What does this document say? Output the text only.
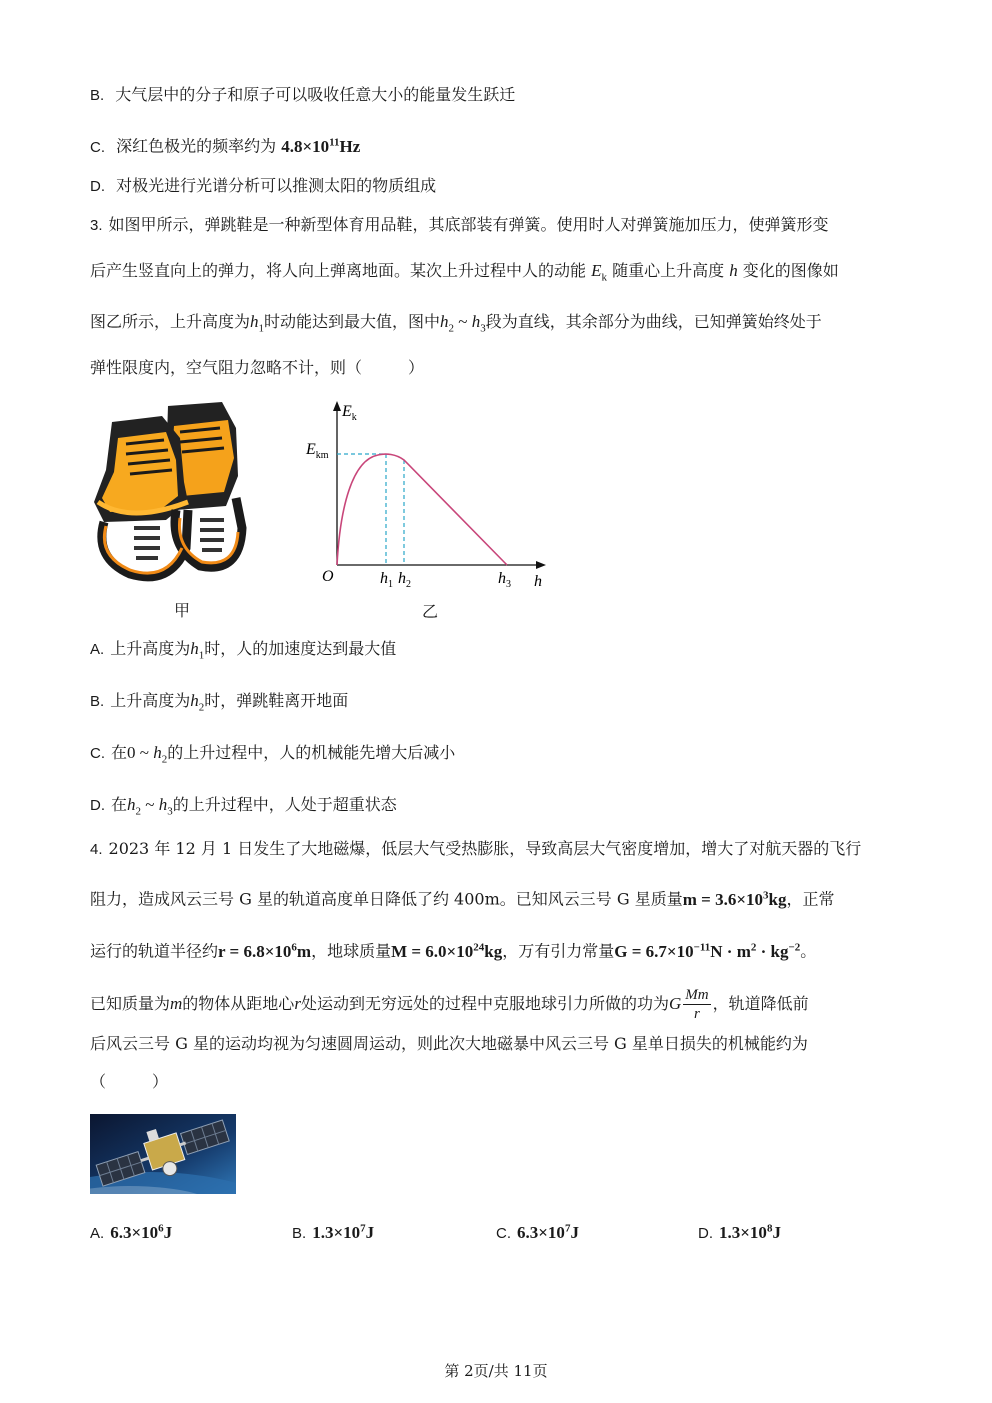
B. 大气层中的分子和原子可以吸收任意大小的能量发生跃迁
C. 深红色极光的频率约为 $4.8\times 10^{11}Hz$
D. 对极光进行光谱分析可以推测太阳的物质组成
3. 如图甲所示，弹跳鞋是一种新型体育用品鞋，其底部装有弹簧。使用时人对弹簧施加压力，使弹簧形变
后产生竖直向上的弹力，将人向上弹离地面。某次上升过程中人的动能 $E_k$ 随重心上升高度 h 变化的图像如
图乙所示，上升高度为$h_1$时动能达到最大值，图中$h_2$ ~ $h_3$段为直线，其余部分为曲线，已知弹簧始终处于
弹性限度内，空气阻力忽略不计，则（	）
甲
$E_k$
$E_{km}$
O	h
$h_1$ $h_2$	$h_3$
乙
A. 上升高度为$h_1$时，人的加速度达到最大值
B. 上升高度为$h_2$时，弹跳鞋离开地面
C. 在0 ~ $h_2$的上升过程中，人的机械能先增大后减小
D. 在$h_2$ ~ $h_3$的上升过程中，人处于超重状态
4. 2023 年 12 月 1 日发生了大地磁爆，低层大气受热膨胀，导致高层大气密度增加，增大了对航天器的飞行
阻力，造成风云三号 G 星的轨道高度单日降低了约 400m。已知风云三号 G 星质量$m = 3.6\times 10^3kg$，正常
运行的轨道半径约$r = 6.8\times 10^6m$，地球质量$M = 6.0\times 10^{24}kg$，万有引力常量$G = 6.7\times 10^{-11}N \cdot m^2 \cdot kg^{-2}$。
已知质量为m的物体从距地心r处运动到无穷远处的过程中克服地球引力所做的功为G $\frac{Mm}{r}$ ，轨道降低前
后风云三号 G 星的运动均视为匀速圆周运动，则此次大地磁暴中风云三号 G 星单日损失的机械能约为
（	）
A. $6.3\times 10^6J$	B. $1.3\times 10^7J$	C. $6.3\times 10^7J$	D. $1.3\times 10^8J$
第 2页/共 11页
